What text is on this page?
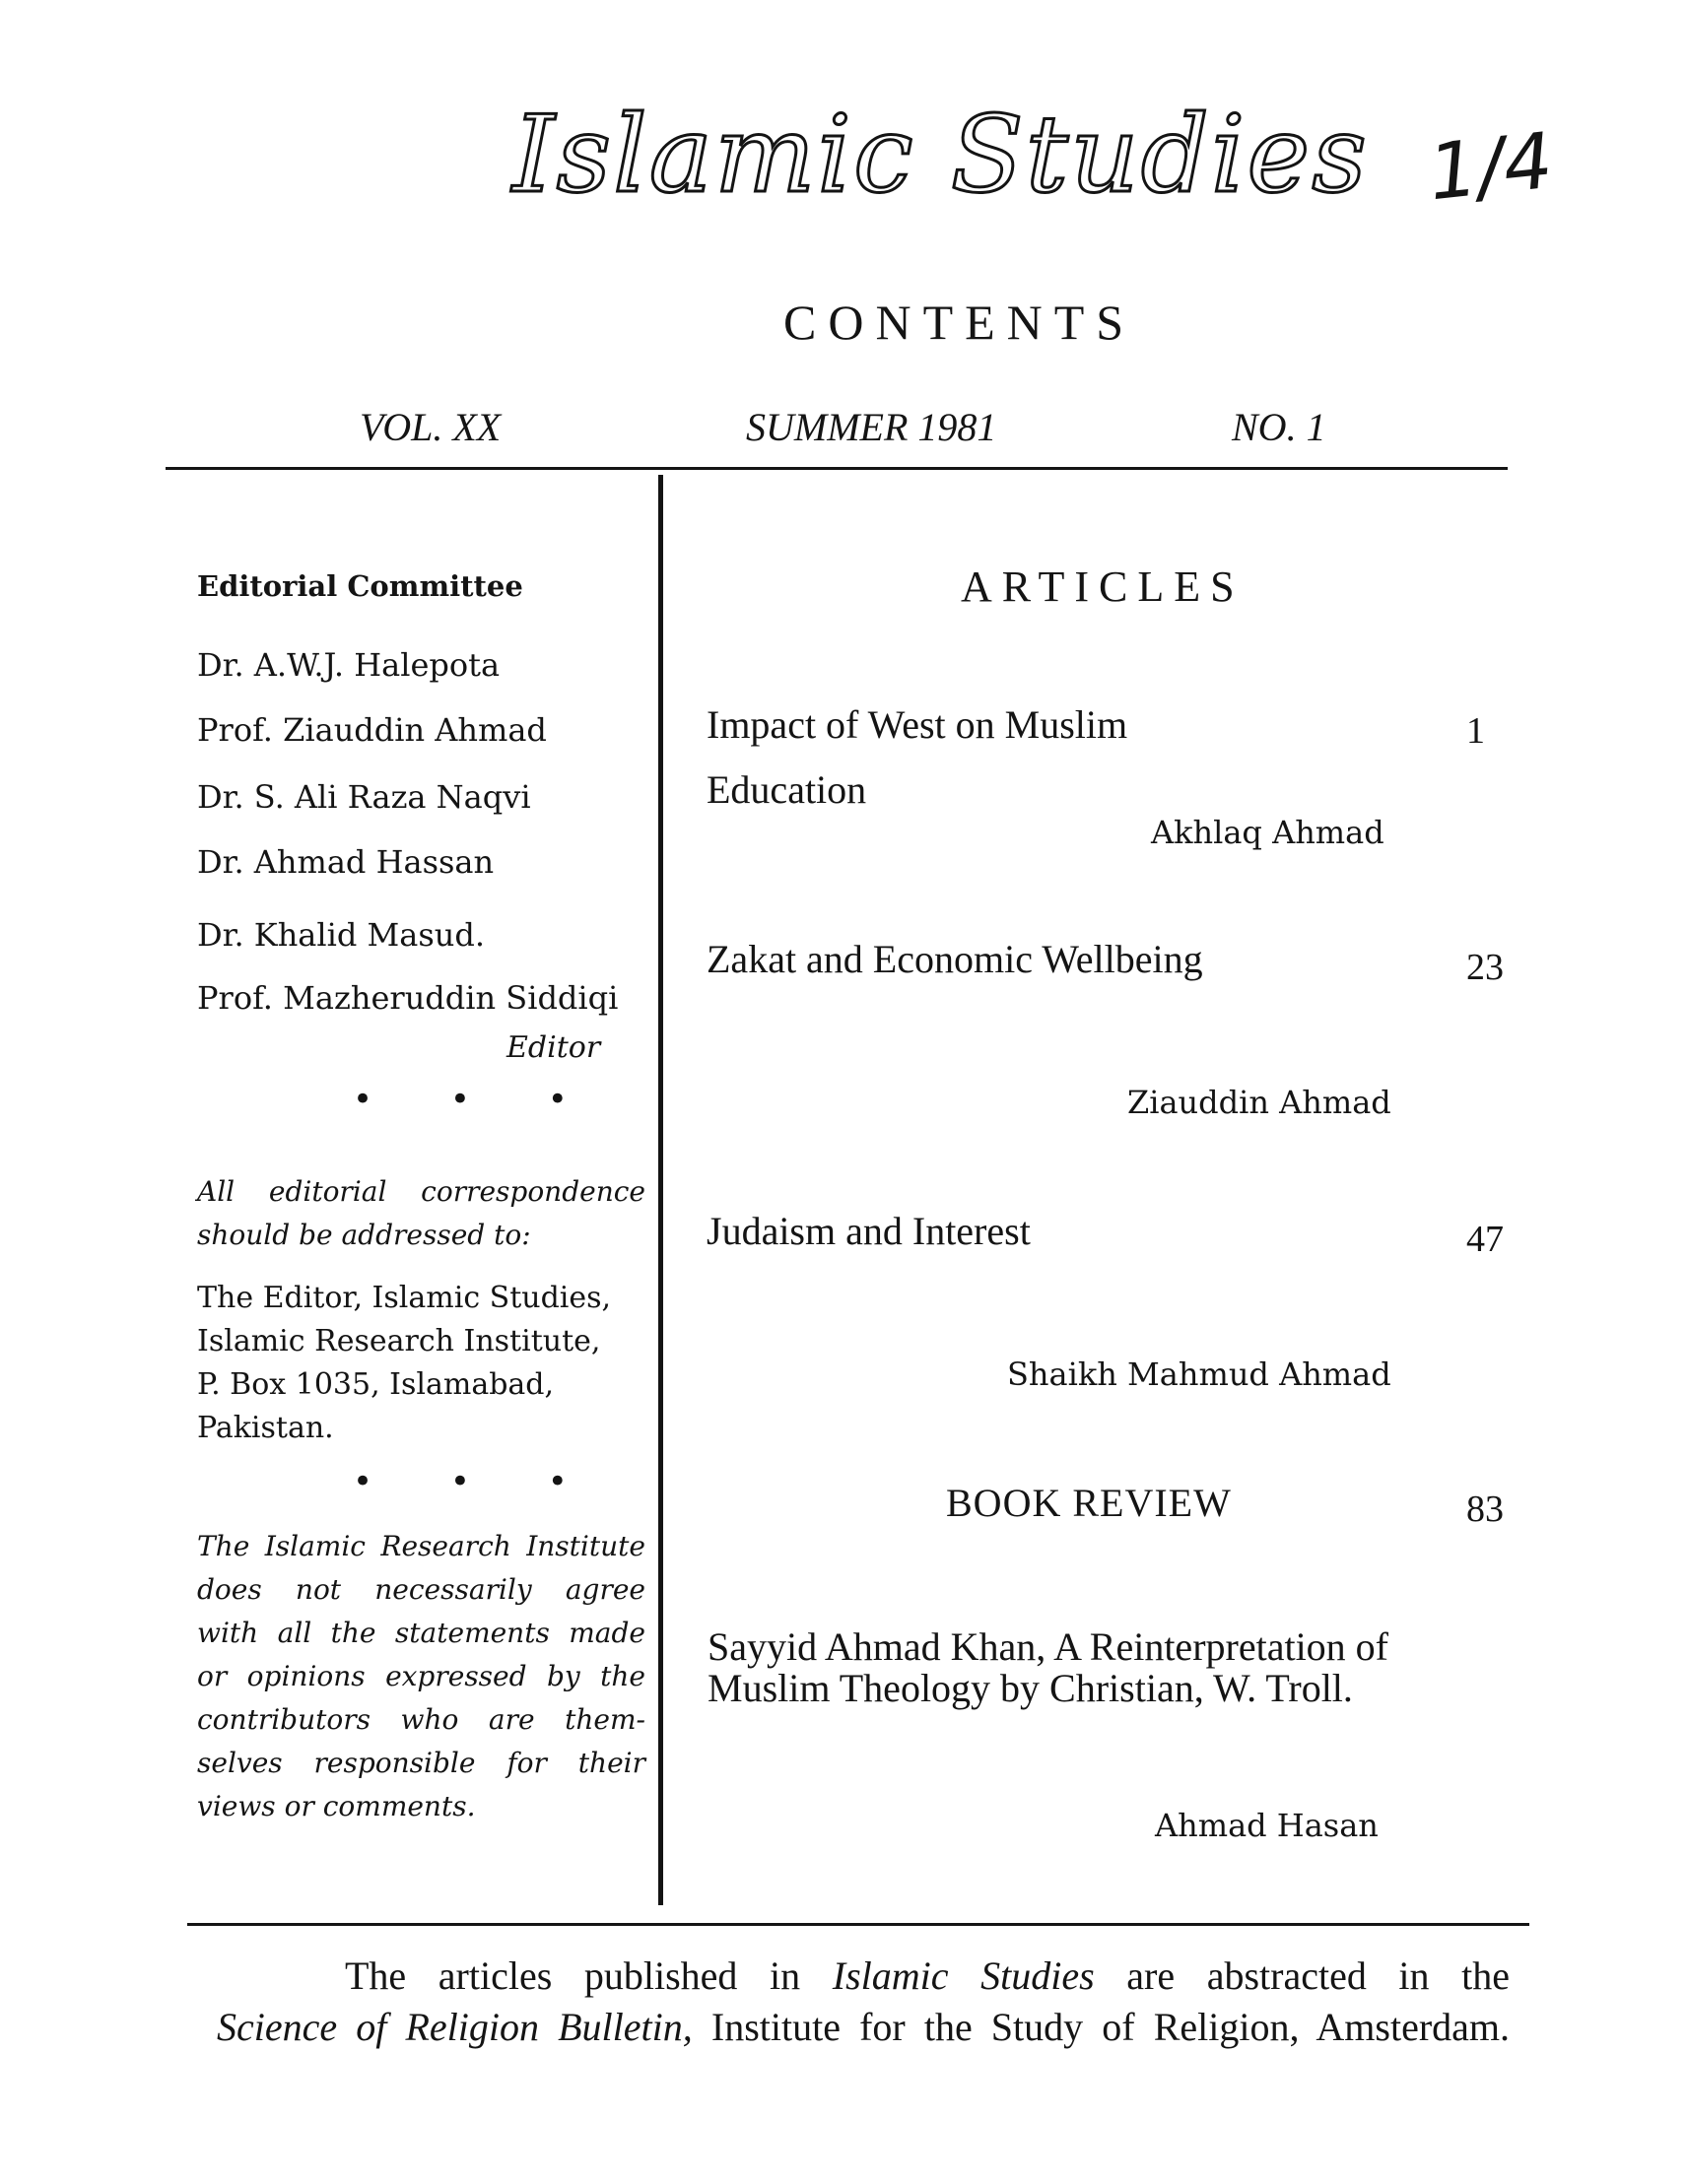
Islamic Studies 1/4
CONTENTS
VOL. XX	SUMMER 1981	NO. 1
Editorial Committee
Dr. A.W.J. Halepota
Prof. Ziauddin Ahmad
Dr. S. Ali Raza Naqvi
Dr. Ahmad Hassan
Dr. Khalid Masud.
Prof. Mazheruddin Siddiqi
Editor
• • •
All editorial correspondence
should be addressed to:
The Editor, Islamic Studies,
Islamic Research Institute,
P. Box 1035, Islamabad,
Pakistan.
• • •
The Islamic Research Institute
does not necessarily agree
with all the statements made
or opinions expressed by the
contributors who are them-
selves responsible for their
views or comments.
ARTICLES
Impact of West on Muslim	1
Education
Akhlaq Ahmad
Zakat and Economic Wellbeing	23
Ziauddin Ahmad
Judaism and Interest	47
Shaikh Mahmud Ahmad
BOOK REVIEW	83
Sayyid Ahmad Khan, A Reinterpretation of
Muslim Theology by Christian, W. Troll.
Ahmad Hasan
The articles published in Islamic Studies are abstracted in the
Science of Religion Bulletin, Institute for the Study of Religion, Amsterdam.
